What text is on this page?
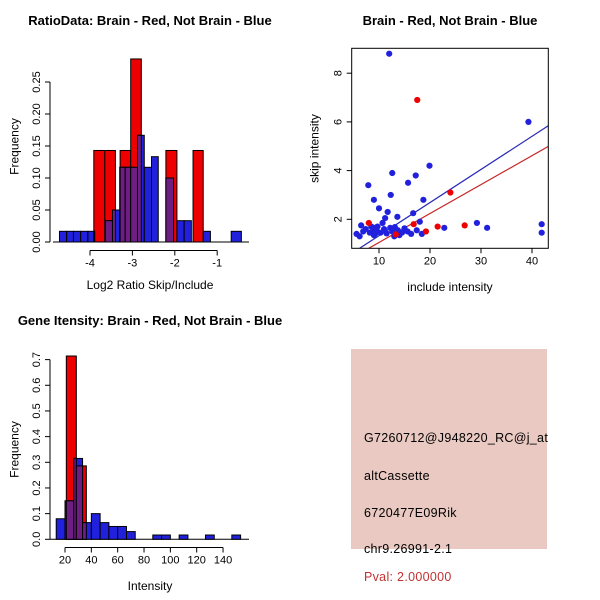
-4	-3	-2	-1
0.00
0.05
0.10
0.15
0.20
0.25
RatioData: Brain - Red, Not Brain - Blue
Log2 Ratio Skip/Include
Frequency
10	20	30	40
2
4
6
8
Brain - Red, Not Brain - Blue
include intensity
skip intensity
20 40 60 80 100 120 140
0.0
0.1
0.2
0.3
0.4
0.5
0.6
0.7
Gene Itensity: Brain - Red, Not Brain - Blue
Intensity
Frequency	G7260712@J948220_RC@j_at
altCassette
6720477E09Rik
chr9.26991-2.1
Pval: 2.000000
